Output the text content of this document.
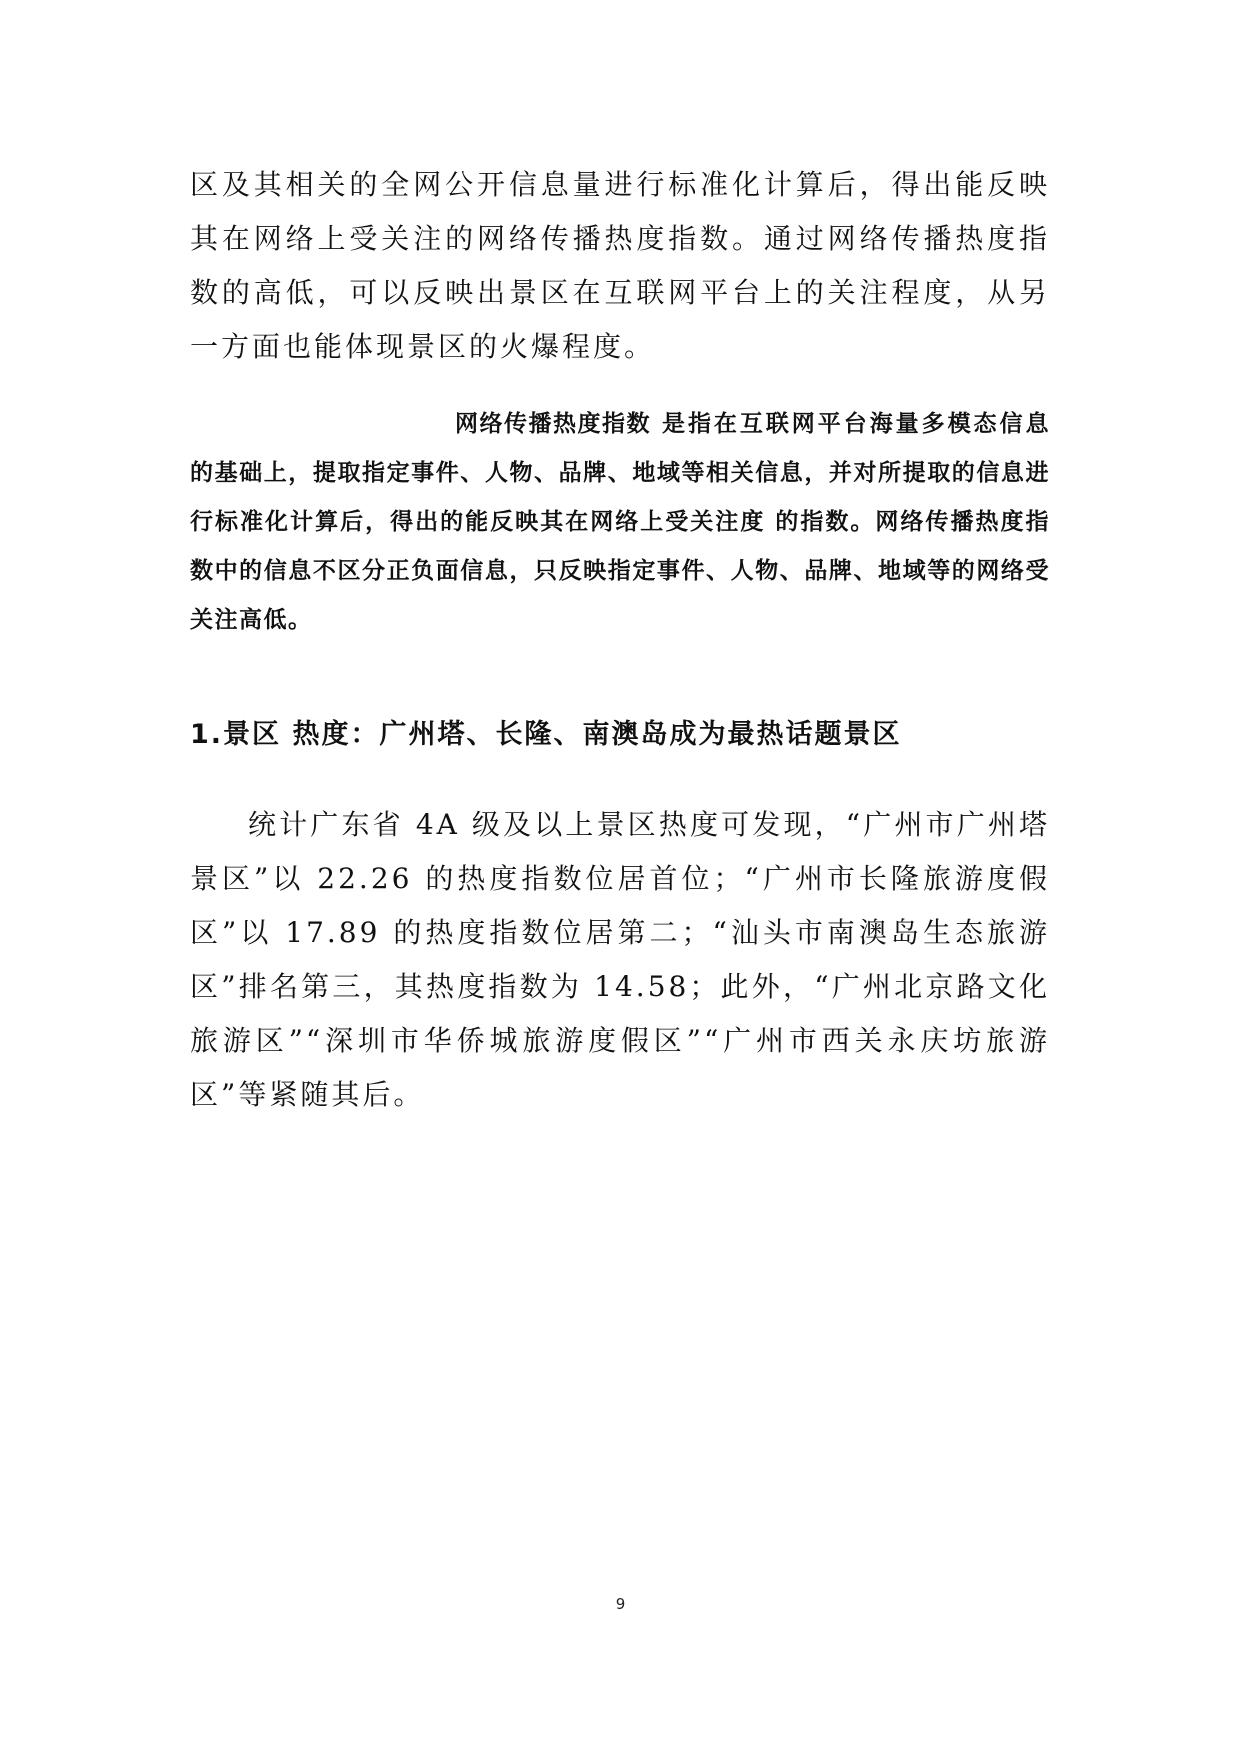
区及其相关的全网公开信息量进行标准化计算后，得出能反映其在网络上受关注的网络传播热度指数。通过网络传播热度指数的高低，可以反映出景区在互联网平台上的关注程度，从另一方面也能体现景区的火爆程度。

网络传播热度指数 是指在互联网平台海量多模态信息的基础上，提取指定事件、人物、品牌、地域等相关信息，并对所提取的信息进行标准化计算后，得出的能反映其在网络上受关注度 的指数。网络传播热度指数中的信息不区分正负面信息，只反映指定事件、人物、品牌、地域等的网络受关注高低。

1.景区 热度：广州塔、长隆、南澳岛成为最热话题景区

统计广东省 4A 级及以上景区热度可发现，“广州市广州塔景区”以 22.26 的热度指数位居首位；“广州市长隆旅游度假区”以 17.89 的热度指数位居第二；“汕头市南澳岛生态旅游区”排名第三，其热度指数为 14.58；此外，“广州北京路文化旅游区”“深圳市华侨城旅游度假区”“广州市西关永庆坊旅游区”等紧随其后。

9
